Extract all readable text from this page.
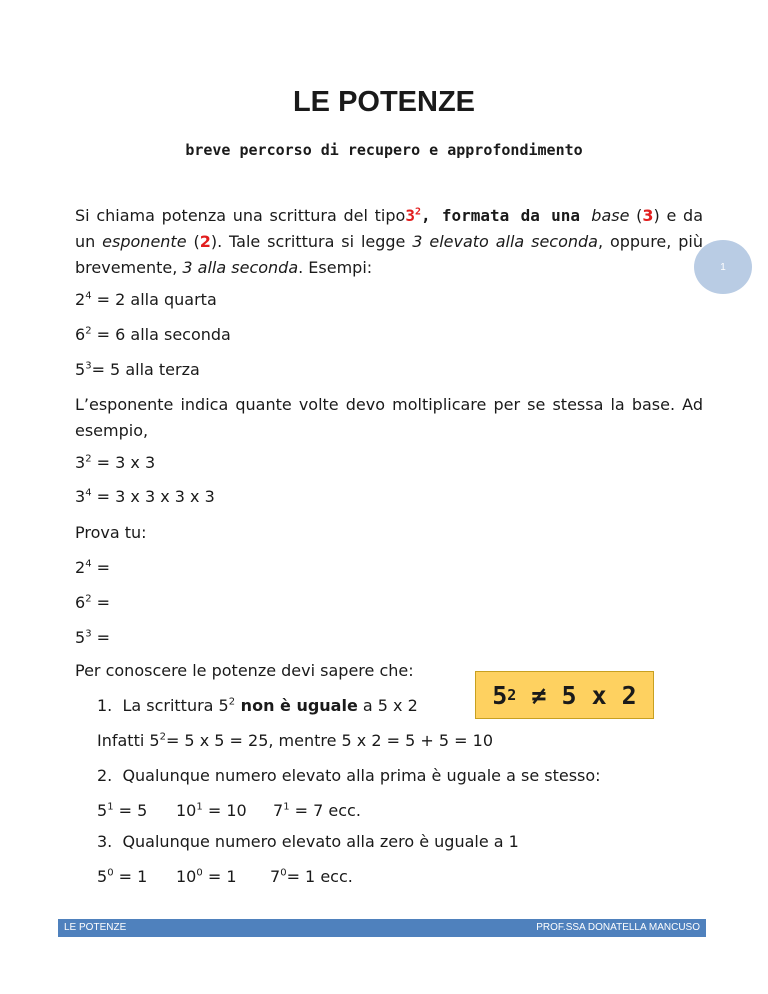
LE POTENZE
breve percorso di recupero e approfondimento
Si chiama potenza una scrittura del $tipo3^2$, formata da una base (3) e da un esponente (2). Tale scrittura si legge 3 elevato alla seconda, oppure, più brevemente, 3 alla seconda. Esempi:	1
$2^4 = 2$ alla quarta
$6^2 = 6$ alla seconda
$5^3= 5$ alla terza
L’esponente indica quante volte devo moltiplicare per se stessa la base. Ad esempio,
$3^2 = 3$ x 3
$3^4 = 3$ x 3 x 3 x 3
Prova tu:
$2^4$ =
$6^2$ =
$5^3$ =
Per conoscere le potenze devi sapere che:
1. La scrittura $5^2$ non è uguale a 5 x 2	5 2 ≠ 5 x 2
Infatti $5^2= 5$ x 5 = 25, mentre 5 x 2 = 5 + 5 = 10
2. Qualunque numero elevato alla prima è uguale a se stesso:
$5^1 = 5$ $10^1 = 10$ $7^1 = 7$ ecc.
3. Qualunque numero elevato alla zero è uguale a 1
$5^0 = 1$ $10^0 = 1$ $7^0= 1$ ecc.
LE POTENZE	PROF.SSA DONATELLA MANCUSO
